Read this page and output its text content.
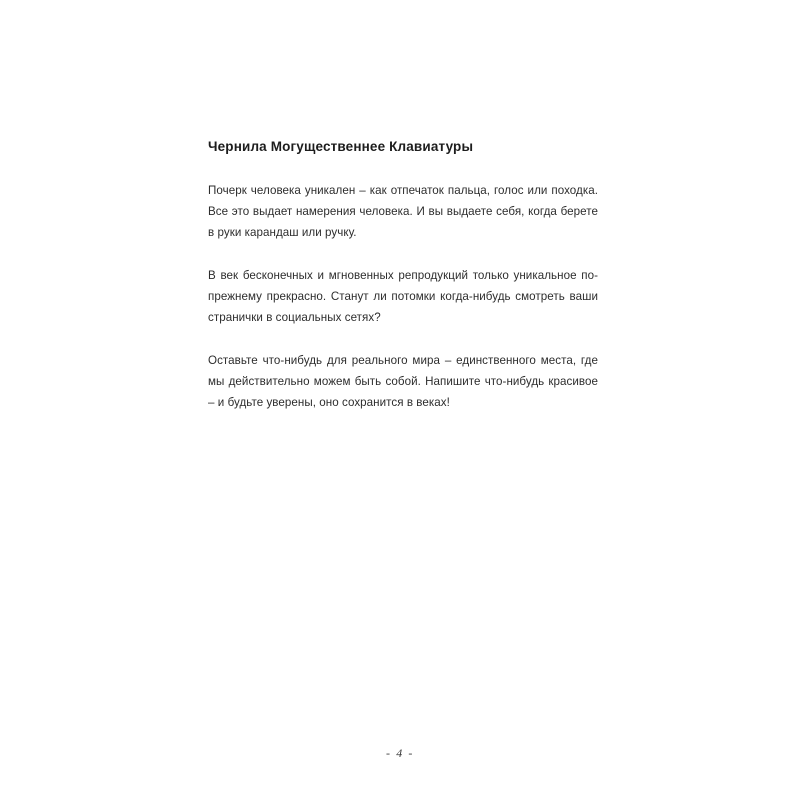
Чернила Могущественнее Клавиатуры

Почерк человека уникален – как отпечаток пальца, голос или походка. Все это выдает намерения человека. И вы выдаете себя, когда берете в руки карандаш или ручку.

В век бесконечных и мгновенных репродукций только уникальное по-прежнему прекрасно. Станут ли потомки когда-нибудь смотреть ваши странички в социальных сетях?

Оставьте что-нибудь для реального мира – единственного места, где мы действительно можем быть собой. Напишите что-нибудь красивое – и будьте уверены, оно сохранится в веках!

- 4 -
